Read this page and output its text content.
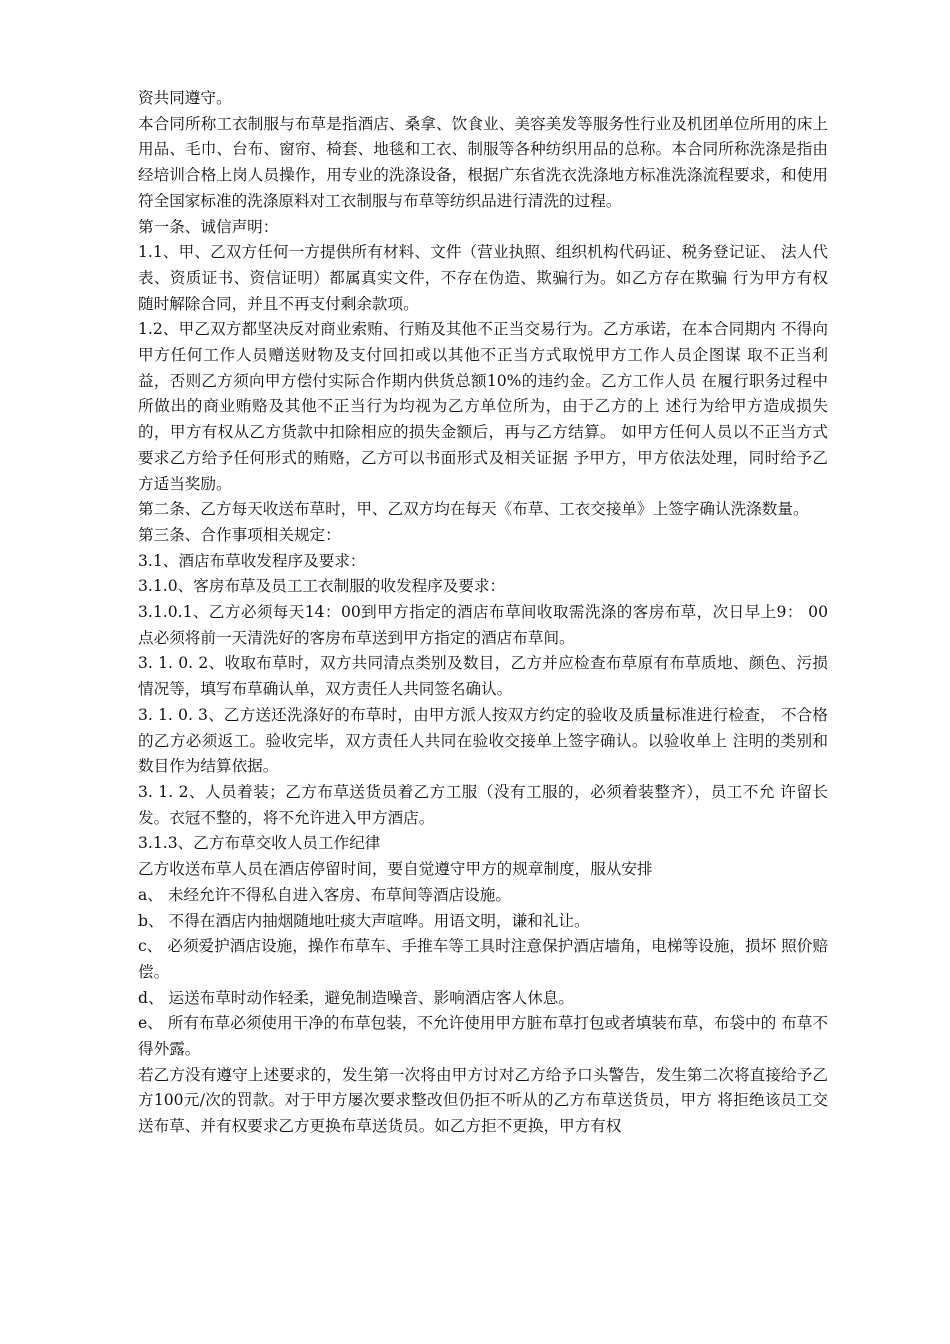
资共同遵守。

本合同所称工衣制服与布草是指酒店、桑拿、饮食业、美容美发等服务性行业及机团单位所用的床上用品、毛巾、台布、窗帘、椅套、地毯和工衣、制服等各种纺织用品的总称。本合同所称洗涤是指由经培训合格上岗人员操作，用专业的洗涤设备，根据广东省洗衣洗涤地方标准洗涤流程要求，和使用符全国家标准的洗涤原料对工衣制服与布草等纺织品进行清洗的过程。

第一条、诚信声明：

1.1、甲、乙双方任何一方提供所有材料、文件（营业执照、组织机构代码证、税务登记证、 法人代表、资质证书、资信证明）都属真实文件，不存在伪造、欺骗行为。如乙方存在欺骗 行为甲方有权随时解除合同，并且不再支付剩余款项。

1.2、甲乙双方都坚决反对商业索贿、行贿及其他不正当交易行为。乙方承诺，在本合同期内 不得向甲方任何工作人员赠送财物及支付回扣或以其他不正当方式取悦甲方工作人员企图谋 取不正当利益，否则乙方须向甲方偿付实际合作期内供货总额10%的违约金。乙方工作人员 在履行职务过程中所做出的商业贿赂及其他不正当行为均视为乙方单位所为，由于乙方的上 述行为给甲方造成损失的，甲方有权从乙方货款中扣除相应的损失金额后，再与乙方结算。 如甲方任何人员以不正当方式要求乙方给予任何形式的贿赂，乙方可以书面形式及相关证据 予甲方，甲方依法处理，同时给予乙方适当奖励。

第二条、乙方每天收送布草时，甲、乙双方均在每天《布草、工衣交接单》上签字确认洗涤数量。

第三条、合作事项相关规定：

3.1、酒店布草收发程序及要求：

3.1.0、客房布草及员工工衣制服的收发程序及要求：

3.1.0.1、乙方必须每天14：00到甲方指定的酒店布草间收取需洗涤的客房布草，次日早上9： 00点必须将前一天清洗好的客房布草送到甲方指定的酒店布草间。

3. 1. 0. 2、收取布草时，双方共同清点类别及数目，乙方并应检查布草原有布草质地、颜色、污损情况等，填写布草确认单，双方责任人共同签名确认。

3. 1. 0. 3、乙方送还洗涤好的布草时，由甲方派人按双方约定的验收及质量标准进行检查， 不合格的乙方必须返工。验收完毕，双方责任人共同在验收交接单上签字确认。以验收单上 注明的类别和数目作为结算依据。

3. 1. 2、人员着装；乙方布草送货员着乙方工服（没有工服的，必须着装整齐），员工不允 许留长发。衣冠不整的，将不允许进入甲方酒店。

3.1.3、乙方布草交收人员工作纪律

乙方收送布草人员在酒店停留时间，要自觉遵守甲方的规章制度，服从安排

a、 未经允许不得私自进入客房、布草间等酒店设施。

b、 不得在酒店内抽烟随地吐痰大声喧哗。用语文明，谦和礼让。

c、 必须爱护酒店设施，操作布草车、手推车等工具时注意保护酒店墙角，电梯等设施，损坏 照价赔偿。

d、 运送布草时动作轻柔，避免制造噪音、影响酒店客人休息。

e、 所有布草必须使用干净的布草包装，不允许使用甲方脏布草打包或者填装布草，布袋中的 布草不得外露。

若乙方没有遵守上述要求的，发生第一次将由甲方讨对乙方给予口头警告，发生第二次将直接给予乙方100元/次的罚款。对于甲方屡次要求整改但仍拒不听从的乙方布草送货员，甲方 将拒绝该员工交送布草、并有权要求乙方更换布草送货员。如乙方拒不更换，甲方有权
